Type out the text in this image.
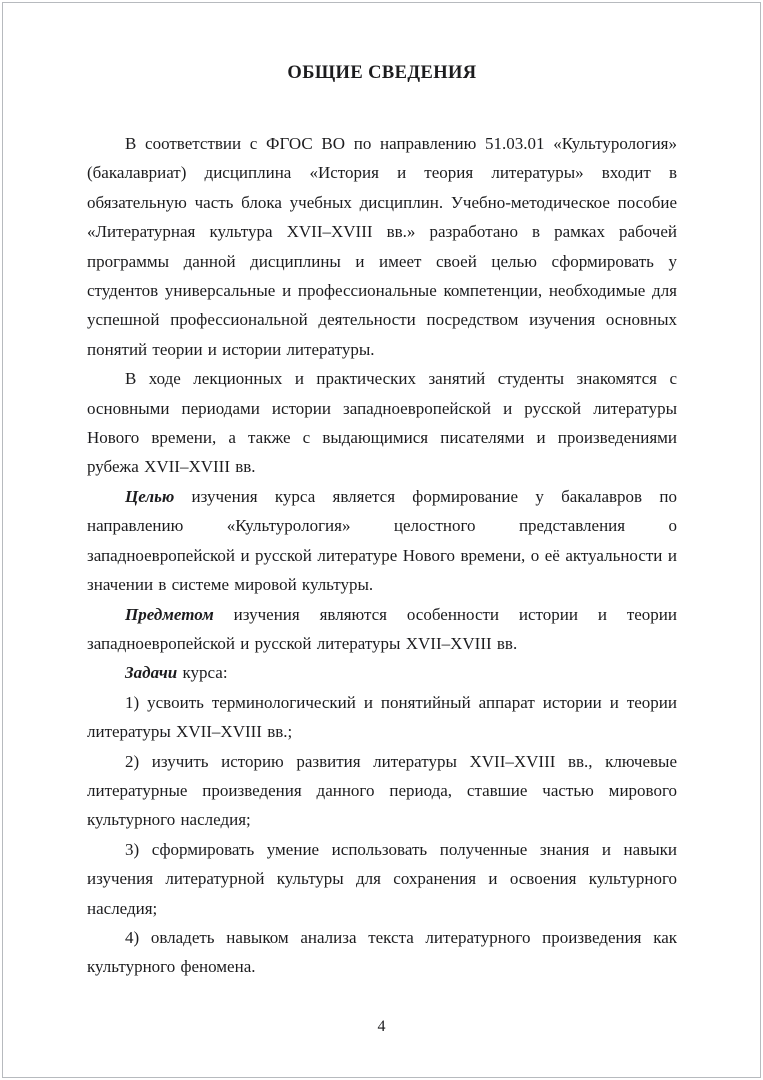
ОБЩИЕ СВЕДЕНИЯ

В соответствии с ФГОС ВО по направлению 51.03.01 «Культурология» (бакалавриат) дисциплина «История и теория литературы» входит в обязательную часть блока учебных дисциплин. Учебно-методическое пособие «Литературная культура XVII–XVIII вв.» разработано в рамках рабочей программы данной дисциплины и имеет своей целью сформировать у студентов универсальные и профессиональные компетенции, необходимые для успешной профессиональной деятельности посредством изучения основных понятий теории и истории литературы.

В ходе лекционных и практических занятий студенты знакомятся с основными периодами истории западноевропейской и русской литературы Нового времени, а также с выдающимися писателями и произведениями рубежа XVII–XVIII вв.

Целью изучения курса является формирование у бакалавров по направлению «Культурология» целостного представления о западноевропейской и русской литературе Нового времени, о её актуальности и значении в системе мировой культуры.

Предметом изучения являются особенности истории и теории западноевропейской и русской литературы XVII–XVIII вв.

Задачи курса:

1) усвоить терминологический и понятийный аппарат истории и теории литературы XVII–XVIII вв.;

2) изучить историю развития литературы XVII–XVIII вв., ключевые литературные произведения данного периода, ставшие частью мирового культурного наследия;

3) сформировать умение использовать полученные знания и навыки изучения литературной культуры для сохранения и освоения культурного наследия;

4) овладеть навыком анализа текста литературного произведения как культурного феномена.

4
